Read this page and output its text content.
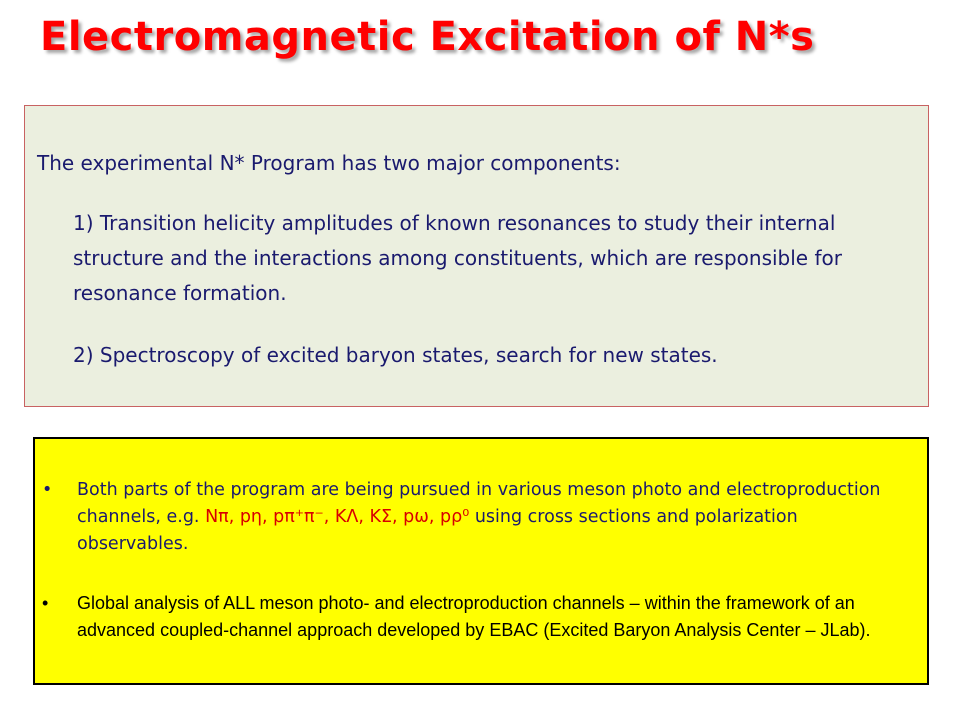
Electromagnetic Excitation of N*s
The experimental N* Program has two major components:
1) Transition helicity amplitudes of known resonances to study their internal structure and the interactions among constituents, which are responsible for resonance formation.
2) Spectroscopy of excited baryon states, search for new states.
•	Both parts of the program are being pursued in various meson photo and electroproduction channels, e.g. Nπ, pη, pπ⁺π⁻, KΛ, KΣ, pω, pρ⁰ using cross sections and polarization observables.
•	Global analysis of ALL meson photo- and electroproduction channels – within the framework of an advanced coupled-channel approach developed by EBAC (Excited Baryon Analysis Center – JLab).
